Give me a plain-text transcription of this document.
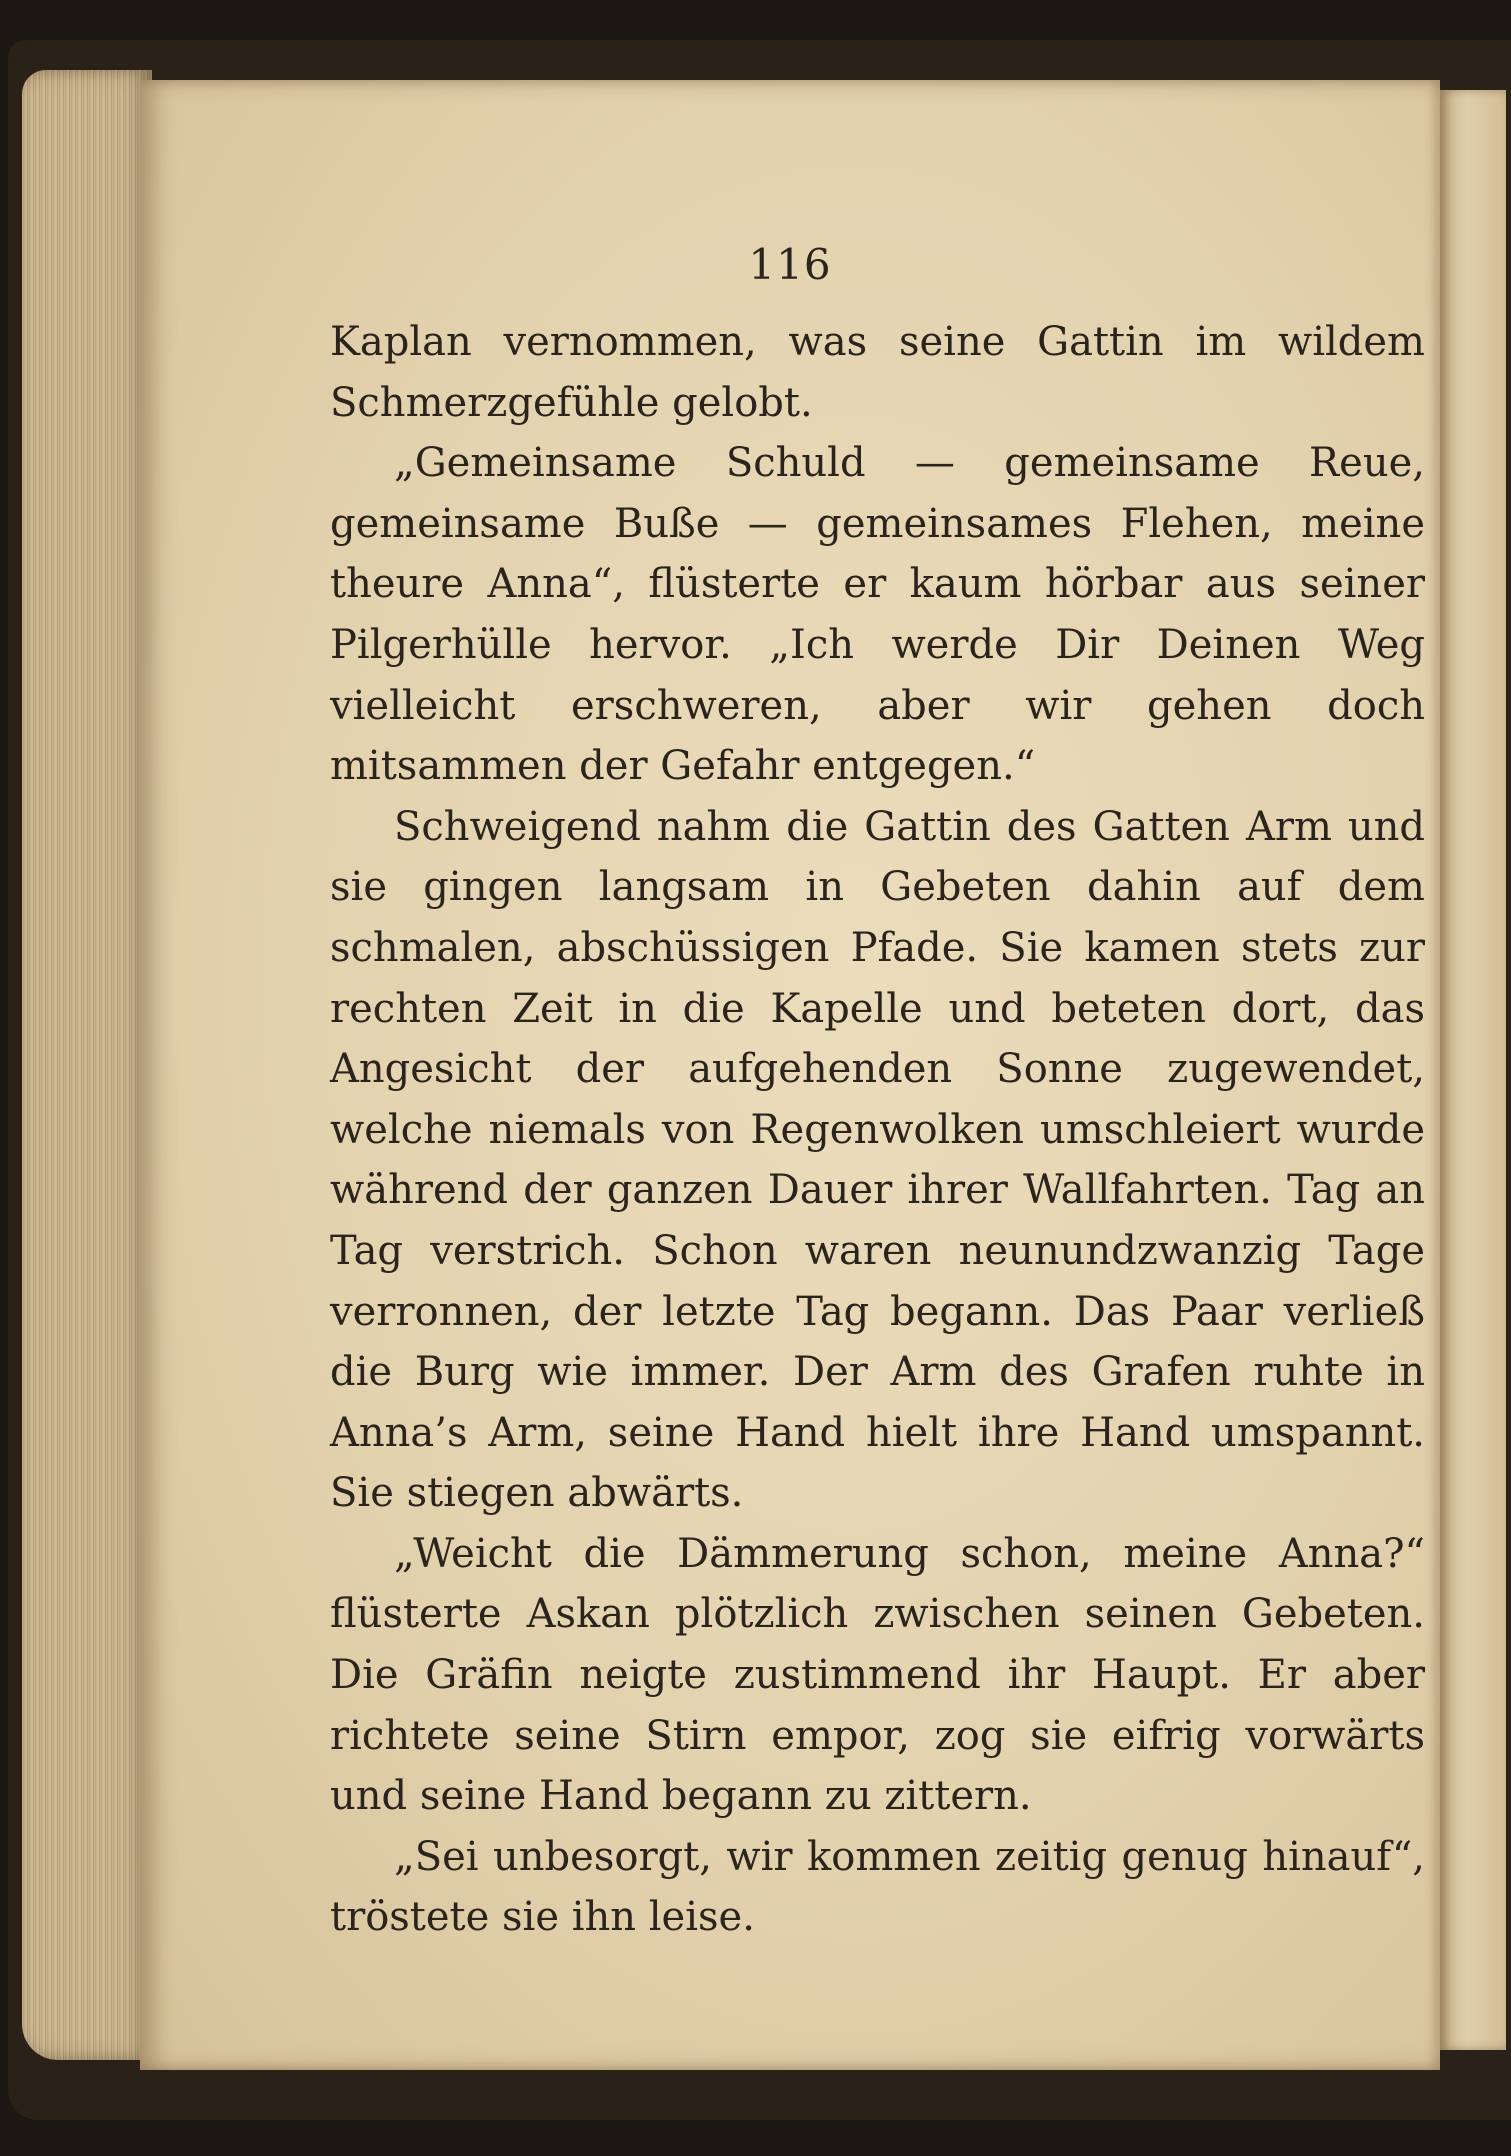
116

Kaplan vernommen, was seine Gattin im wildem Schmerzgefühle gelobt.

„Gemeinsame Schuld — gemeinsame Reue, gemeinsame Buße — gemeinsames Flehen, meine theure Anna“, flüsterte er kaum hörbar aus seiner Pilgerhülle hervor. „Ich werde Dir Deinen Weg vielleicht erschweren, aber wir gehen doch mitsammen der Gefahr entgegen.“

Schweigend nahm die Gattin des Gatten Arm und sie gingen langsam in Gebeten dahin auf dem schmalen, abschüssigen Pfade. Sie kamen stets zur rechten Zeit in die Kapelle und beteten dort, das Angesicht der aufgehenden Sonne zugewendet, welche niemals von Regenwolken umschleiert wurde während der ganzen Dauer ihrer Wallfahrten. Tag an Tag verstrich. Schon waren neunundzwanzig Tage verronnen, der letzte Tag begann. Das Paar verließ die Burg wie immer. Der Arm des Grafen ruhte in Anna’s Arm, seine Hand hielt ihre Hand umspannt. Sie stiegen abwärts.

„Weicht die Dämmerung schon, meine Anna?“ flüsterte Askan plötzlich zwischen seinen Gebeten. Die Gräfin neigte zustimmend ihr Haupt. Er aber richtete seine Stirn empor, zog sie eifrig vorwärts und seine Hand begann zu zittern.

„Sei unbesorgt, wir kommen zeitig genug hinauf“, tröstete sie ihn leise.
